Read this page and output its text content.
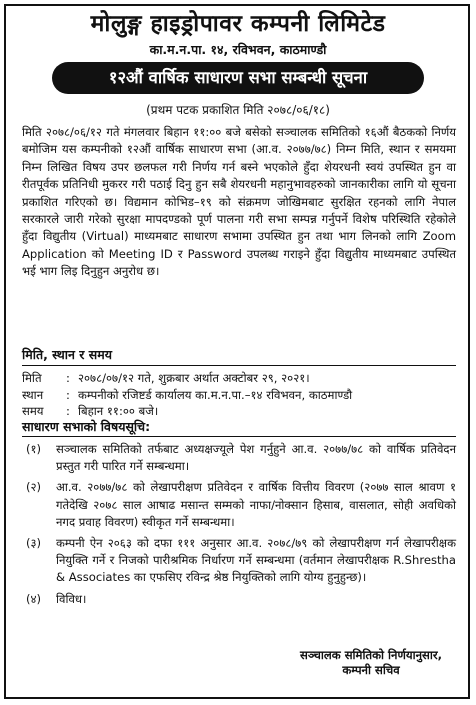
मोलुङ्ग हाइड्रोपावर कम्पनी लिमिटेड
का.म.न.पा. १४, रविभवन, काठमाण्डौ
१२औं वार्षिक साधारण सभा सम्बन्धी सूचना
(प्रथम पटक प्रकाशित मिति २०७८/०६/१८)

मिति २०७८/०६/१२ गते मंगलवार बिहान ११:०० बजे बसेको सञ्चालक समितिको १६औं बैठकको निर्णय बमोजिम यस कम्पनीको १२औं वार्षिक साधारण सभा (आ.व. २०७७/७८) निम्न मिति, स्थान र समयमा निम्न लिखित विषय उपर छलफल गरी निर्णय गर्न बस्ने भएकोले हुँदा शेयरधनी स्वयं उपस्थित हुन वा रीतपूर्वक प्रतिनिधी मुकरर गरी पठाई दिनु हुन सबै शेयरधनी महानुभावहरुको जानकारीका लागि यो सूचना प्रकाशित गरिएको छ। विद्यमान कोभिड–१९ को संक्रमण जोखिमबाट सुरक्षित रहनको लागि नेपाल सरकारले जारी गरेको सुरक्षा मापदण्डको पूर्ण पालना गरी सभा सम्पन्न गर्नुपर्ने विशेष परिस्थिति रहेकोले हुँदा विद्युतीय (Virtual) माध्यमबाट साधारण सभामा उपस्थित हुन तथा भाग लिनको लागि Zoom Application को Meeting ID र Password उपलब्ध गराइने हुँदा विद्युतीय माध्यमबाट उपस्थित भई भाग लिइ दिनुहुन अनुरोध छ।

मिति, स्थान र समय
मिति	: २०७८/०७/१२ गते, शुक्रबार अर्थात अक्टोबर २९, २०२१।
स्थान	: कम्पनीको रजिष्टर्ड कार्यालय का.म.न.पा.–१४ रविभवन, काठमाण्डौ
समय	: बिहान ११:०० बजे।
साधारण सभाको विषयसूचि:
(१)	सञ्चालक समितिको तर्फबाट अध्यक्षज्यूले पेश गर्नुहुने आ.व. २०७७/७८ को वार्षिक प्रतिवेदन प्रस्तुत गरी पारित गर्ने सम्बन्धमा।
(२)	आ.व. २०७७/७८ को लेखापरीक्षण प्रतिवेदन र वार्षिक वित्तीय विवरण (२०७७ साल श्रावण १ गतेदेखि २०७८ साल आषाढ मसान्त सम्मको नाफा/नोक्सान हिसाब, वासलात, सोही अवधिको नगद प्रवाह विवरण) स्वीकृत गर्ने सम्बन्धमा।
(३)	कम्पनी ऐन २०६३ को दफा १११ अनुसार आ.व. २०७८/७९ को लेखापरीक्षण गर्न लेखापरीक्षक नियुक्ति गर्ने र निजको पारीश्रमिक निर्धारण गर्ने सम्बन्धमा (वर्तमान लेखापरीक्षक R.Shrestha & Associates का एफसिए रविन्द्र श्रेष्ठ नियुक्तिको लागि योग्य हुनुहुन्छ)।
(४)	विविध।
सञ्चालक समितिको निर्णयानुसार,
कम्पनी सचिव
